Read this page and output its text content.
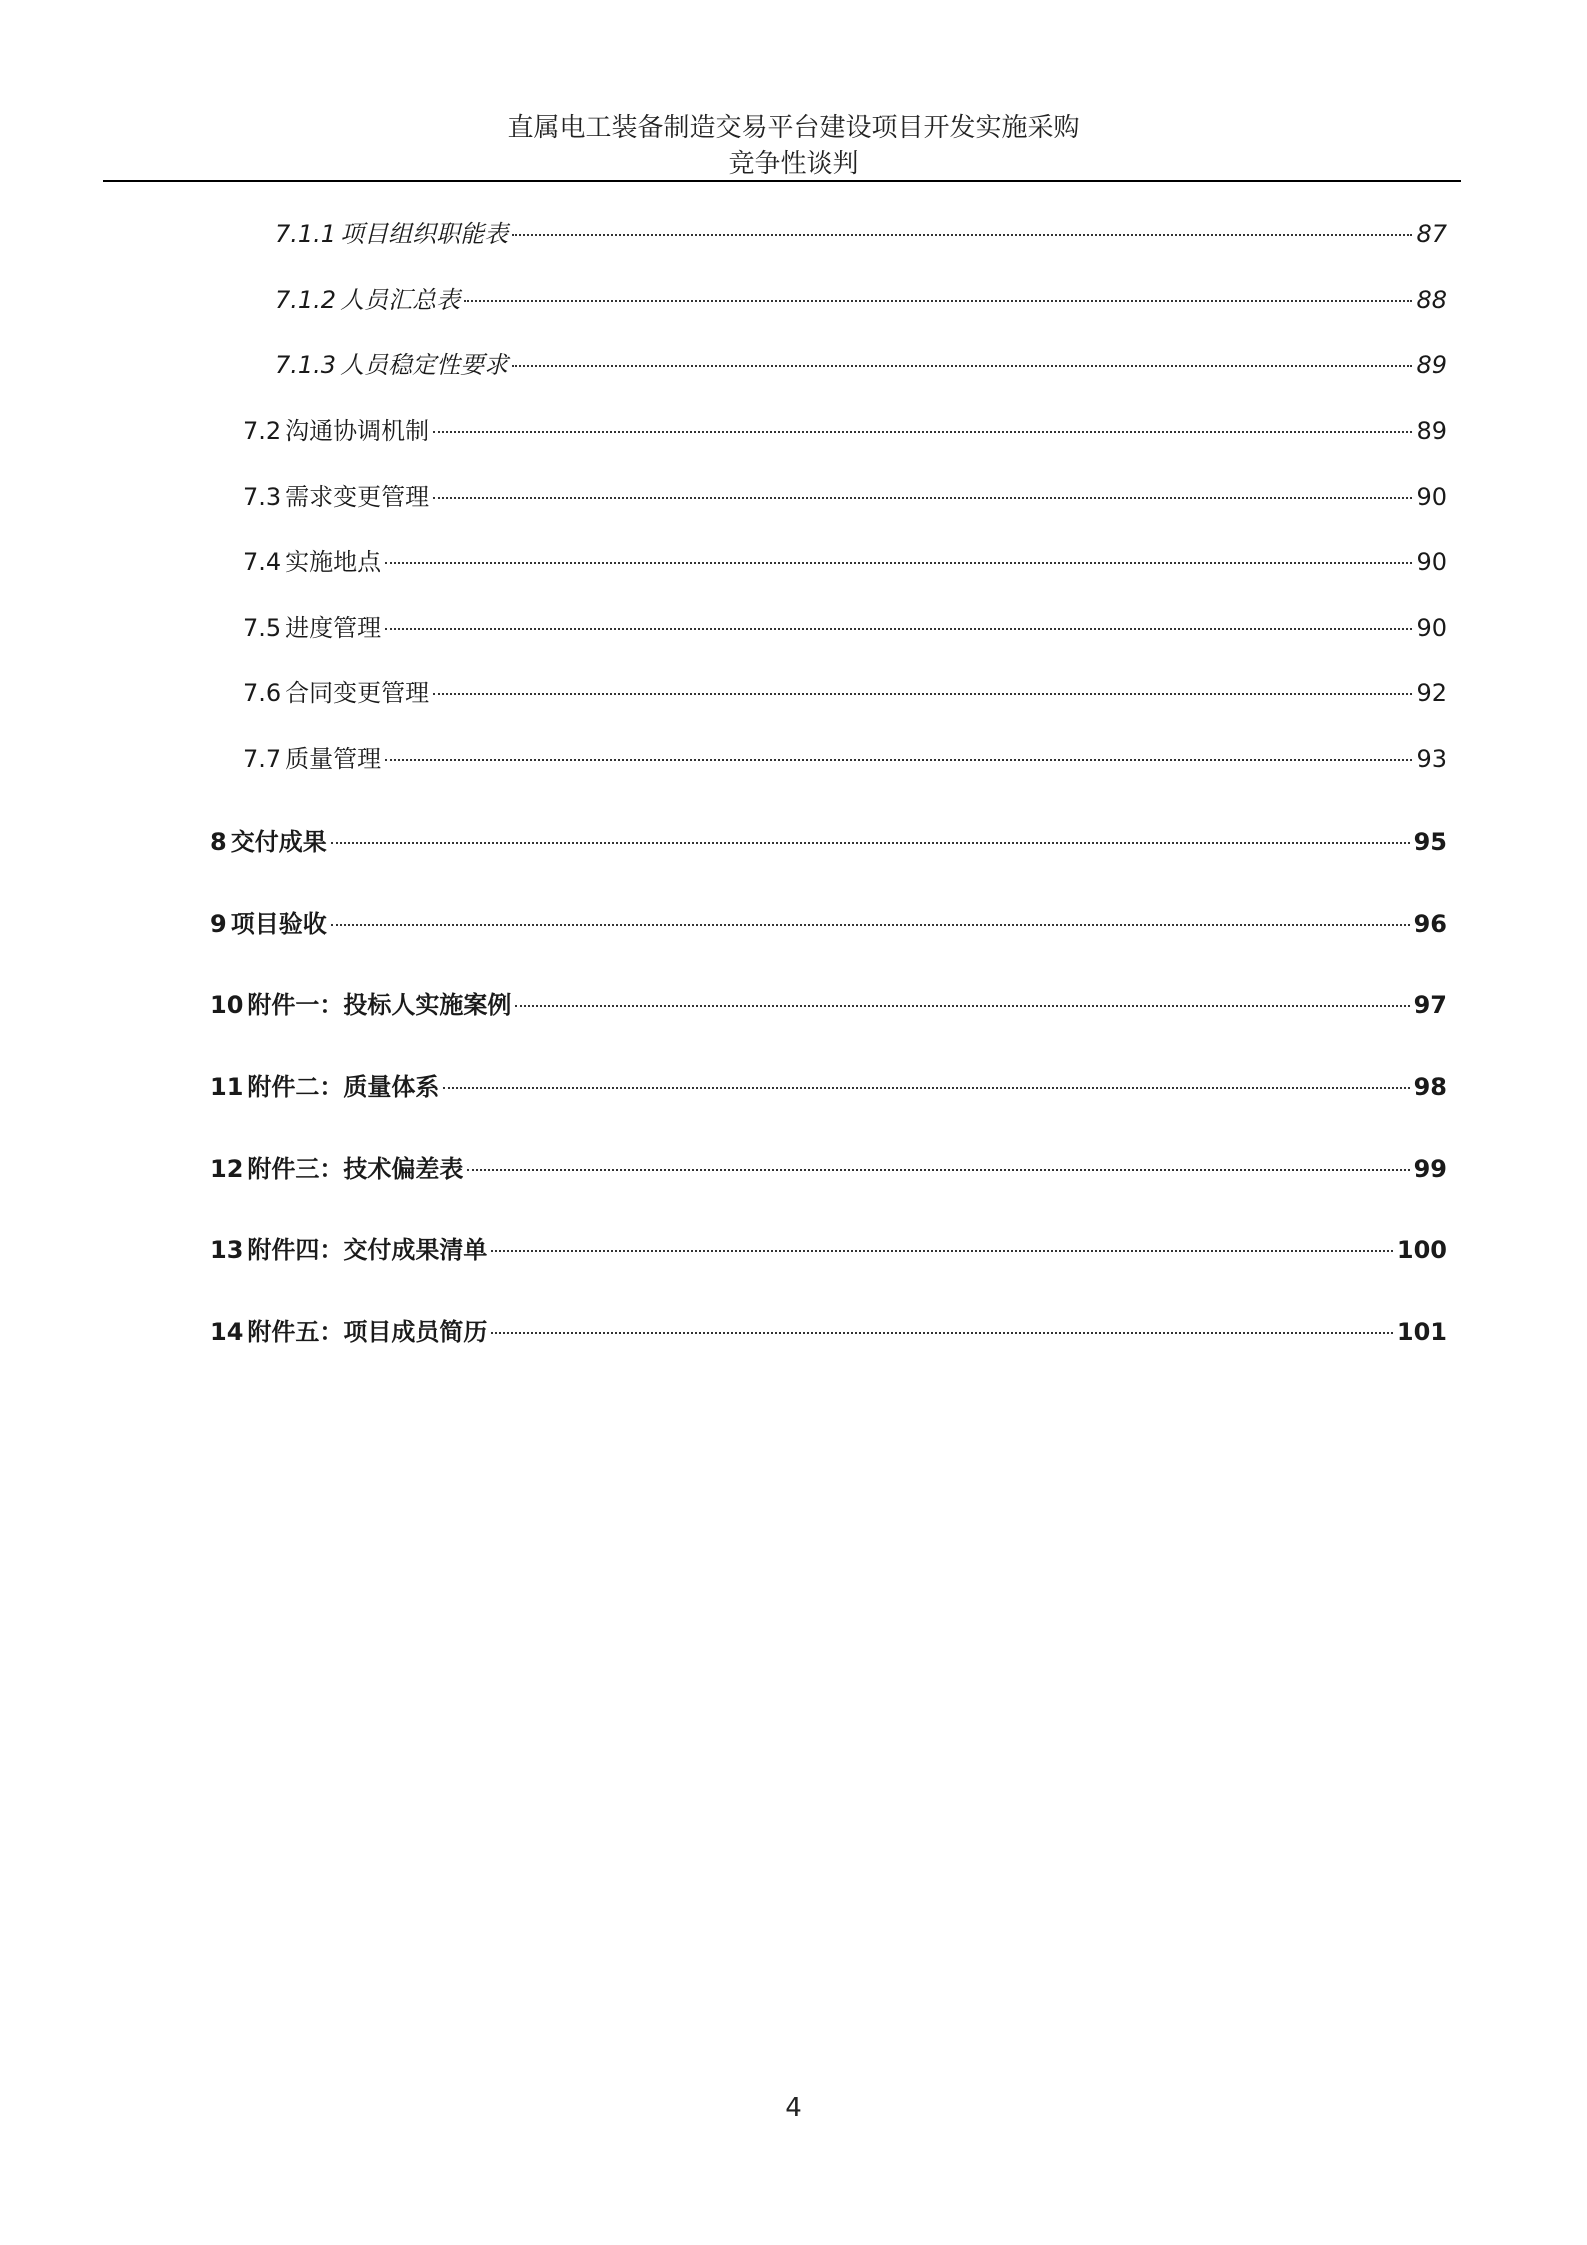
直属电工装备制造交易平台建设项目开发实施采购
竞争性谈判
7.1.1 项目组织职能表	87
7.1.2 人员汇总表	88
7.1.3 人员稳定性要求	89
7.2 沟通协调机制	89
7.3 需求变更管理	90
7.4 实施地点	90
7.5 进度管理	90
7.6 合同变更管理	92
7.7 质量管理	93
8 交付成果	95
9 项目验收	96
10 附件一：投标人实施案例	97
11 附件二：质量体系	98
12 附件三：技术偏差表	99
13 附件四：交付成果清单	100
14 附件五：项目成员简历	101
4
